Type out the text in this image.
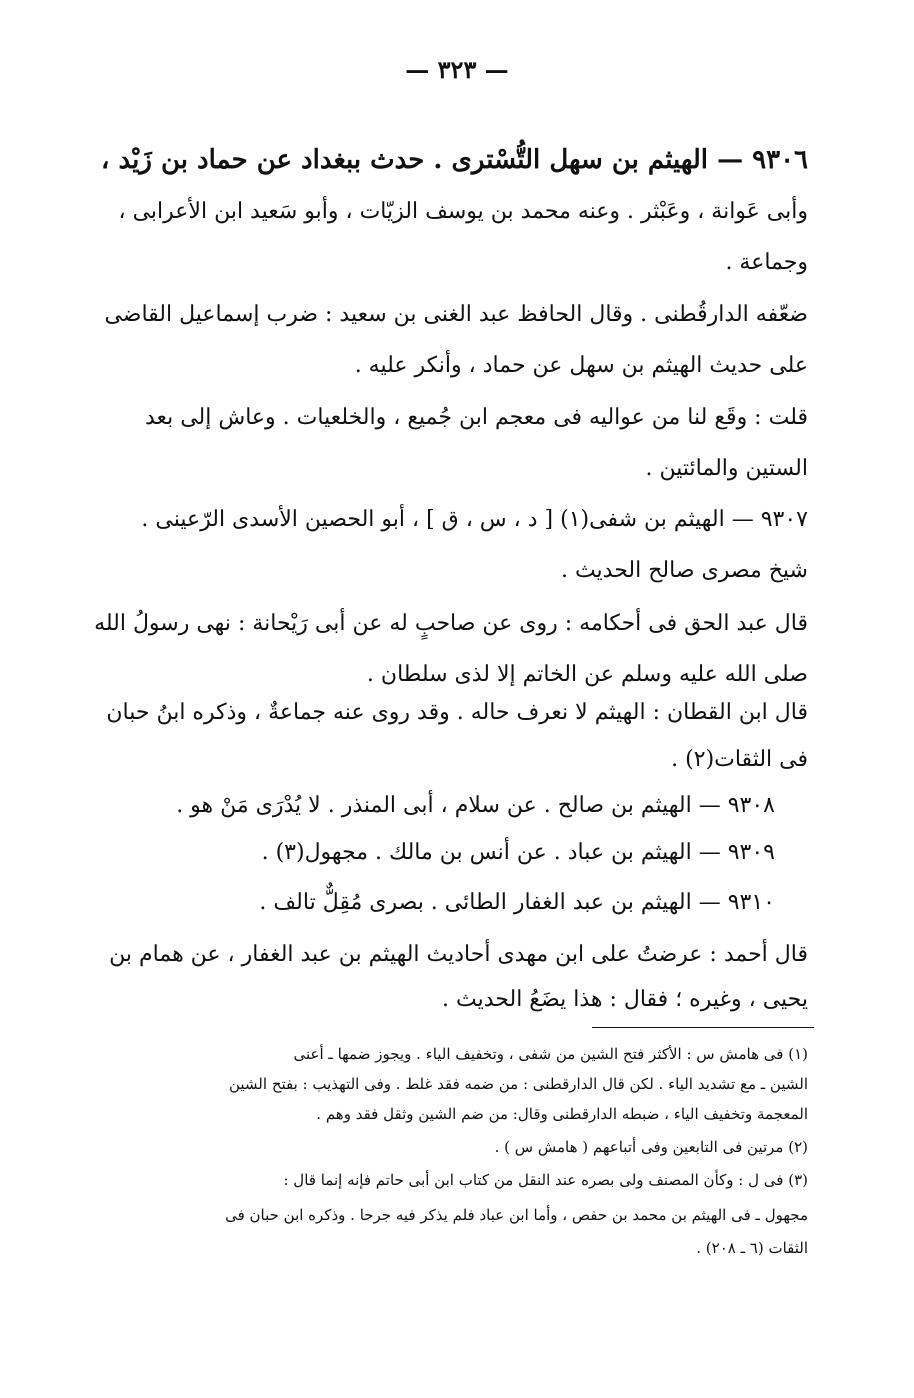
— ٣٢٣ —
٩٣٠٦ — الهيثم بن سهل التُّسْترى . حدث ببغداد عن حماد بن زَيْد ،
وأبى عَوانة ، وعَبْثر . وعنه محمد بن يوسف الزيّات ، وأبو سَعيد ابن الأعرابى ،
وجماعة .
ضعّفه الدارقُطنى . وقال الحافظ عبد الغنى بن سعيد : ضرب إسماعيل القاضى
على حديث الهيثم بن سهل عن حماد ، وأنكر عليه .
قلت : وقَع لنا من عواليه فى معجم ابن جُميع ، والخلعيات . وعاش إلى بعد
الستين والمائتين .
٩٣٠٧ — الهيثم بن شفى(١) [ د ، س ، ق ] ، أبو الحصين الأسدى الرّعينى .
شيخ مصرى صالح الحديث .
قال عبد الحق فى أحكامه : روى عن صاحبٍ له عن أبى رَيْحانة : نهى رسولُ الله
صلى الله عليه وسلم عن الخاتم إلا لذى سلطان .
قال ابن القطان : الهيثم لا نعرف حاله . وقد روى عنه جماعةٌ ، وذكره ابنُ حبان
فى الثقات(٢) .
٩٣٠٨ — الهيثم بن صالح . عن سلام ، أبى المنذر . لا يُدْرَى مَنْ هو .
٩٣٠٩ — الهيثم بن عباد . عن أنس بن مالك . مجهول(٣) .
٩٣١٠ — الهيثم بن عبد الغفار الطائى . بصرى مُقِلٌّ تالف .
قال أحمد : عرضتُ على ابن مهدى أحاديث الهيثم بن عبد الغفار ، عن همام بن
يحيى ، وغيره ؛ فقال : هذا يضَعُ الحديث .
(١) فى هامش س : الأكثر فتح الشين من شفى ، وتخفيف الياء . ويجوز ضمها ـ أعنى
الشين ـ مع تشديد الياء . لكن قال الدارقطنى : من ضمه فقد غلط . وفى التهذيب : بفتح الشين
المعجمة وتخفيف الياء ، ضبطه الدارقطنى وقال: من ضم الشين وثقل فقد وهم .
(٢) مرتين فى التابعين وفى أتباعهم ( هامش س ) .
(٣) فى ل : وكأن المصنف ولى بصره عند النقل من كتاب ابن أبى حاتم فإنه إنما قال :
مجهول ـ فى الهيثم بن محمد بن حفص ، وأما ابن عباد فلم يذكر فيه جرحا . وذكره ابن حبان فى
الثقات (٦ ـ ٢٠٨) .
